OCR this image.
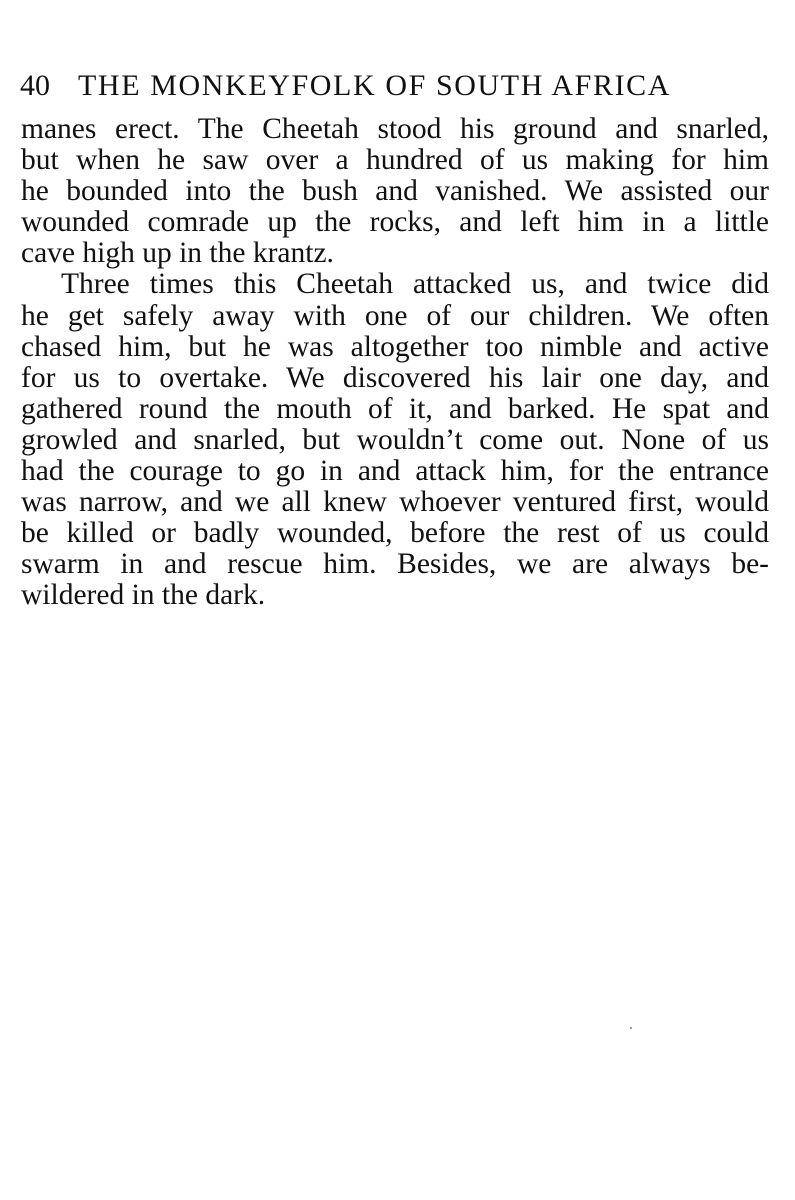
40 THE MONKEYFOLK OF SOUTH AFRICA
manes erect. The Cheetah stood his ground and snarled,
but when he saw over a hundred of us making for him
he bounded into the bush and vanished. We assisted our
wounded comrade up the rocks, and left him in a little
cave high up in the krantz.
Three times this Cheetah attacked us, and twice did
he get safely away with one of our children. We often
chased him, but he was altogether too nimble and active
for us to overtake. We discovered his lair one day, and
gathered round the mouth of it, and barked. He spat and
growled and snarled, but wouldn’t come out. None of us
had the courage to go in and attack him, for the entrance
was narrow, and we all knew whoever ventured first, would
be killed or badly wounded, before the rest of us could
swarm in and rescue him. Besides, we are always be-
wildered in the dark.
